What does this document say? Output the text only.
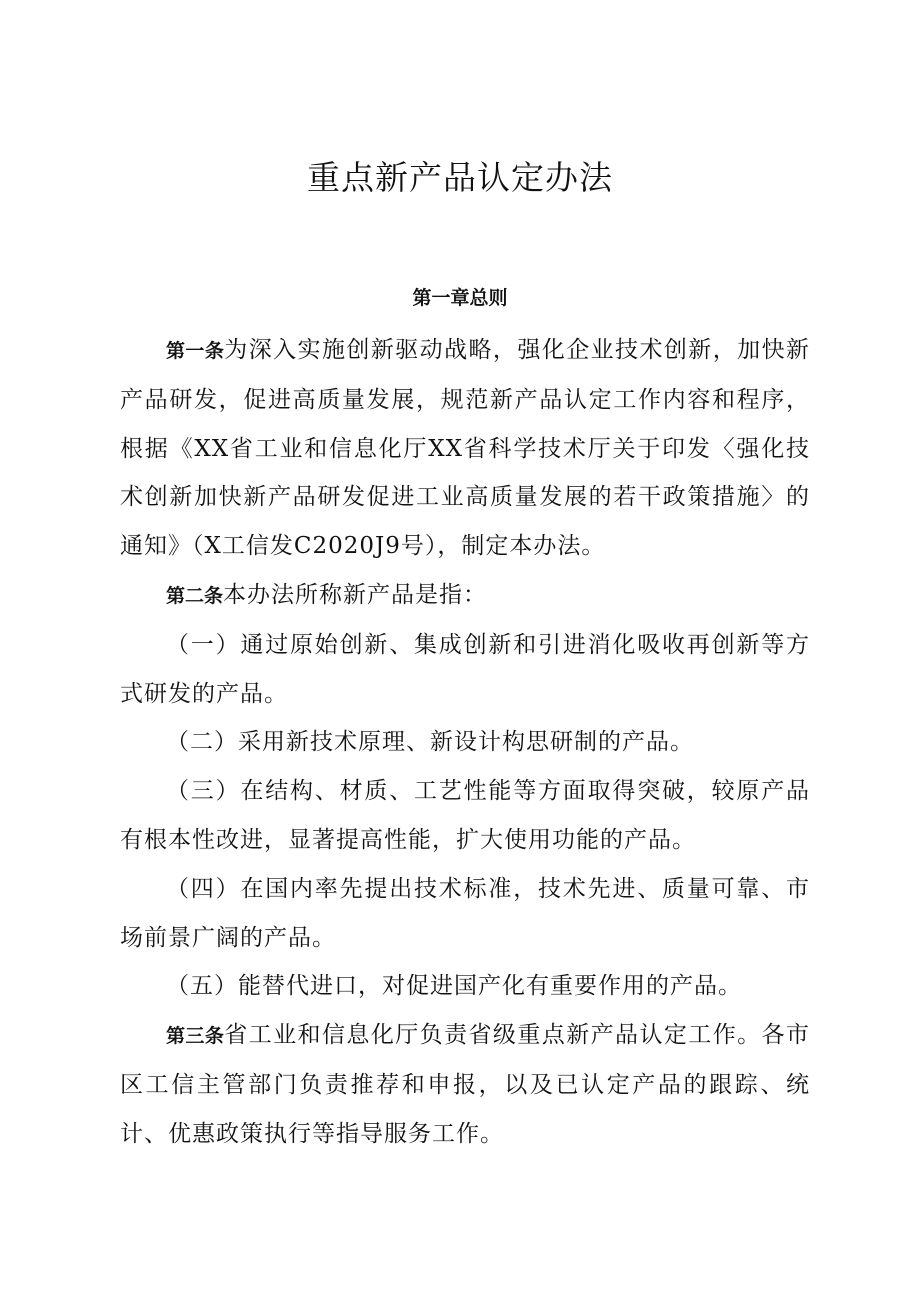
重点新产品认定办法
第一章总则

第一条为深入实施创新驱动战略，强化企业技术创新，加快新产品研发，促进高质量发展，规范新产品认定工作内容和程序，根据《XX省工业和信息化厅XX省科学技术厅关于印发〈强化技术创新加快新产品研发促进工业高质量发展的若干政策措施〉的通知》（X工信发C2020J9号），制定本办法。

第二条本办法所称新产品是指：

（一）通过原始创新、集成创新和引进消化吸收再创新等方式研发的产品。

（二）采用新技术原理、新设计构思研制的产品。

（三）在结构、材质、工艺性能等方面取得突破，较原产品有根本性改进，显著提高性能，扩大使用功能的产品。

（四）在国内率先提出技术标准，技术先进、质量可靠、市场前景广阔的产品。

（五）能替代进口，对促进国产化有重要作用的产品。

第三条省工业和信息化厅负责省级重点新产品认定工作。各市区工信主管部门负责推荐和申报，以及已认定产品的跟踪、统计、优惠政策执行等指导服务工作。
